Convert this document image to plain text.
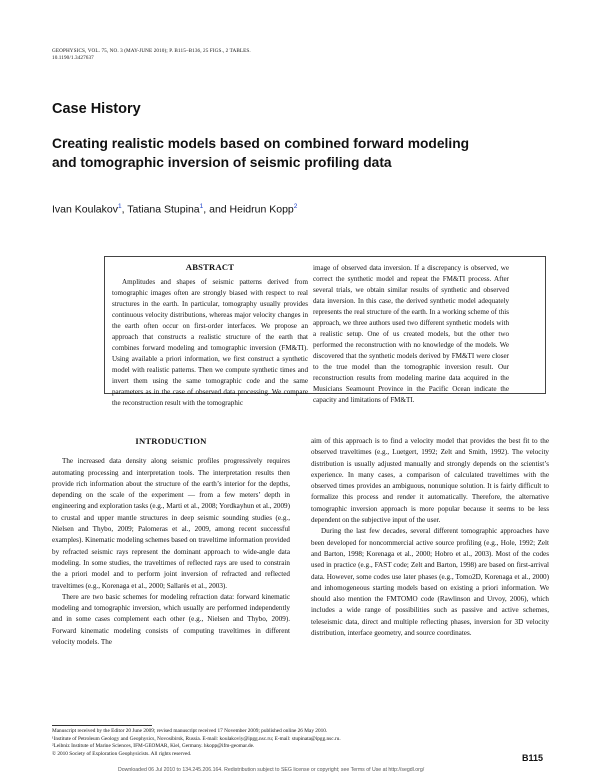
GEOPHYSICS, VOL. 75, NO. 3 (MAY-JUNE 2010); P. B115–B136, 25 FIGS., 2 TABLES.
10.1190/1.3427637
Case History
Creating realistic models based on combined forward modeling
and tomographic inversion of seismic profiling data
Ivan Koulakov$^1$, Tatiana Stupina$^1$, and Heidrun Kopp$^2$
ABSTRACT

Amplitudes and shapes of seismic patterns derived from tomographic images often are strongly biased with respect to real structures in the earth. In particular, tomography usually provides continuous velocity distributions, whereas major velocity changes in the earth often occur on first-order interfaces. We propose an approach that constructs a realistic structure of the earth that combines forward modeling and tomographic inversion (FM&TI). Using available a priori information, we first construct a synthetic model with realistic patterns. Then we compute synthetic times and invert them using the same tomographic code and the same parameters as in the case of observed data processing. We compare the reconstruction result with the tomographic

image of observed data inversion. If a discrepancy is observed, we correct the synthetic model and repeat the FM&TI process. After several trials, we obtain similar results of synthetic and observed data inversion. In this case, the derived synthetic model adequately represents the real structure of the earth. In a working scheme of this approach, we three authors used two different synthetic models with a realistic setup. One of us created models, but the other two performed the reconstruction with no knowledge of the models. We discovered that the synthetic models derived by FM&TI were closer to the true model than the tomographic inversion result. Our reconstruction results from modeling marine data acquired in the Musicians Seamount Province in the Pacific Ocean indicate the capacity and limitations of FM&TI.

INTRODUCTION

The increased data density along seismic profiles progressively requires automating processing and interpretation tools. The interpretation results then provide rich information about the structure of the earth’s interior for the depths, depending on the scale of the experiment — from a few meters’ depth in engineering and exploration tasks (e.g., Marti et al., 2008; Yordkayhun et al., 2009) to crustal and upper mantle structures in deep seismic sounding studies (e.g., Nielsen and Thybo, 2009; Palomeras et al., 2009, among recent successful examples). Kinematic modeling schemes based on traveltime information provided by refracted seismic rays represent the dominant approach to wide-angle data modeling. In some studies, the traveltimes of reflected rays are used to constrain the a priori model and to perform joint inversion of refracted and reflected traveltimes (e.g., Korenaga et al., 2000; Sallarès et al., 2003).

There are two basic schemes for modeling refraction data: forward kinematic modeling and tomographic inversion, which usually are performed independently and in some cases complement each other (e.g., Nielsen and Thybo, 2009). Forward kinematic modeling consists of computing traveltimes in different velocity models. The

aim of this approach is to find a velocity model that provides the best fit to the observed traveltimes (e.g., Luetgert, 1992; Zelt and Smith, 1992). The velocity distribution is usually adjusted manually and strongly depends on the scientist’s experience. In many cases, a comparison of calculated traveltimes with the observed times provides an ambiguous, nonunique solution. It is fairly difficult to formalize this process and render it automatically. Therefore, the alternative tomographic inversion approach is more popular because it seems to be less dependent on the subjective input of the user.

During the last few decades, several different tomographic approaches have been developed for noncommercial active source profiling (e.g., Hole, 1992; Zelt and Barton, 1998; Korenaga et al., 2000; Hobro et al., 2003). Most of the codes used in practice (e.g., FAST code; Zelt and Barton, 1998) are based on first-arrival data. However, some codes use later phases (e.g., Tomo2D, Korenaga et al., 2000) and inhomogeneous starting models based on existing a priori information. We should also mention the FMTOMO code (Rawlinson and Urvoy, 2006), which includes a wide range of possibilities such as passive and active schemes, teleseismic data, direct and multiple reflecting phases, inversion for 3D velocity distribution, interface geometry, and source coordinates.

Manuscript received by the Editor 20 June 2009; revised manuscript received 17 November 2009; published online 26 May 2010.
¹Institute of Petroleum Geology and Geophysics, Novosibirsk, Russia. E-mail: koulakoviy@ipgg.nsc.ru; E-mail: stupinata@ipgg.nsc.ru.
²Leibniz Institute of Marine Sciences, IFM-GEOMAR, Kiel, Germany. hkopp@ifm-geomar.de.
© 2010 Society of Exploration Geophysicists. All rights reserved.	B115
Downloaded 06 Jul 2010 to 134.245.206.164. Redistribution subject to SEG license or copyright; see Terms of Use at http://segdl.org/
